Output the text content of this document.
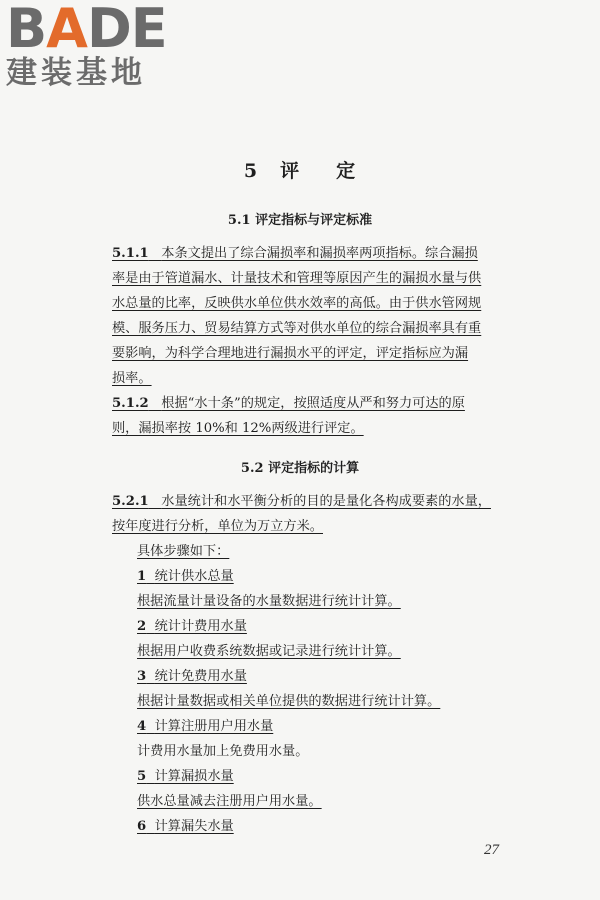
BADE
建装基地
5 评 定
5.1 评定指标与评定标准
5.1.1 本条文提出了综合漏损率和漏损率两项指标。综合漏损
率是由于管道漏水、计量技术和管理等原因产生的漏损水量与供
水总量的比率，反映供水单位供水效率的高低。由于供水管网规
模、服务压力、贸易结算方式等对供水单位的综合漏损率具有重
要影响，为科学合理地进行漏损水平的评定，评定指标应为漏
损率。
5.1.2 根据“水十条”的规定，按照适度从严和努力可达的原
则，漏损率按 10%和 12%两级进行评定。
5.2 评定指标的计算
5.2.1 水量统计和水平衡分析的目的是量化各构成要素的水量，
按年度进行分析，单位为万立方米。
具体步骤如下：
1 统计供水总量
根据流量计量设备的水量数据进行统计计算。
2 统计计费用水量
根据用户收费系统数据或记录进行统计计算。
3 统计免费用水量
根据计量数据或相关单位提供的数据进行统计计算。
4 计算注册用户用水量
计费用水量加上免费用水量。
5 计算漏损水量
供水总量减去注册用户用水量。
6 计算漏失水量
27
